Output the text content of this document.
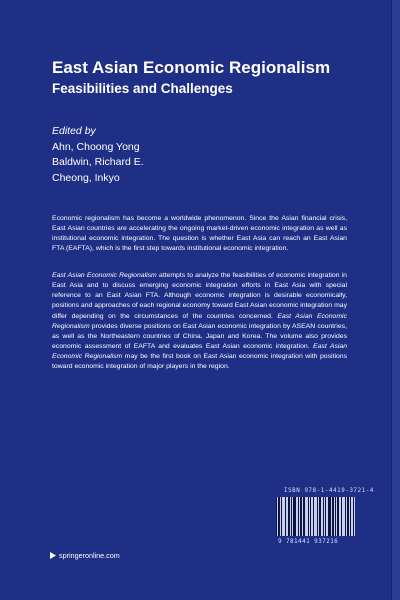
East Asian Economic Regionalism
Feasibilities and Challenges
Edited by
Ahn, Choong Yong
Baldwin, Richard E.
Cheong, Inkyo

Economic regionalism has become a worldwide phenomenon. Since the Asian financial crisis, East Asian countries are accelerating the ongoing market-driven economic integration as well as institutional economic integration. The question is whether East Asia can reach an East Asian FTA (EAFTA), which is the first step towards institutional economic integration.

East Asian Economic Regionalism attempts to analyze the feasibilities of economic integration in East Asia and to discuss emerging economic integration efforts in East Asia with special reference to an East Asian FTA. Although economic integration is desirable economically, positions and approaches of each regional economy toward East Asian economic integration may differ depending on the circumstances of the countries concerned. East Asian Economic Regionalism provides diverse positions on East Asian economic integration by ASEAN countries, as well as the Northeastern countries of China, Japan and Korea. The volume also provides economic assessment of EAFTA and evaluates East Asian economic integration. East Asian Economic Regionalism may be the first book on East Asian economic integration with positions toward economic integration of major players in the region.

ISBN 978-1-4419-3721-4
9 781441 937216
springeronline.com
